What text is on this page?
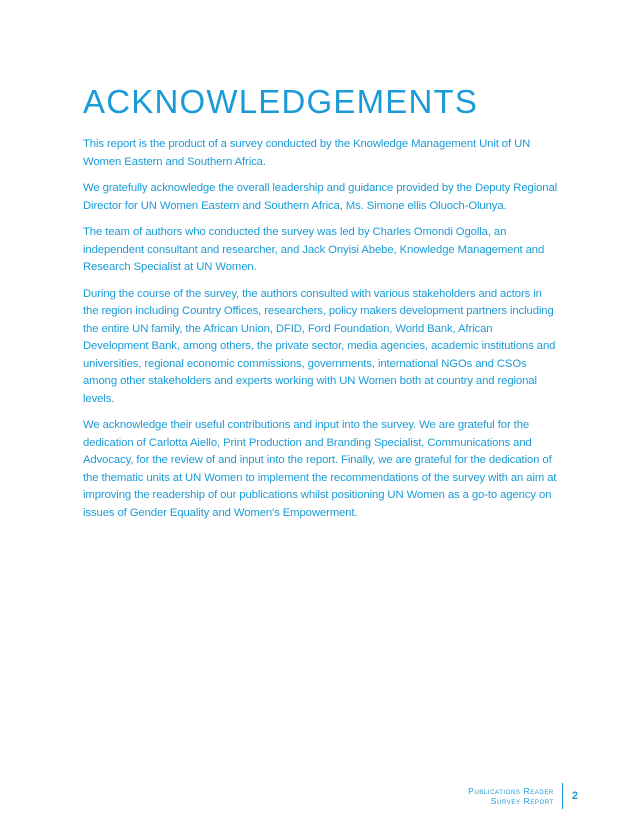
ACKNOWLEDGEMENTS

This report is the product of a survey conducted by the Knowledge Management Unit of UN Women Eastern and Southern Africa.

We gratefully acknowledge the overall leadership and guidance provided by the Deputy Regional Director for UN Women Eastern and Southern Africa, Ms. Simone ellis Oluoch-Olunya.

The team of authors who conducted the survey was led by Charles Omondi Ogolla, an independent consultant and researcher, and Jack Onyisi Abebe, Knowledge Management and Research Specialist at UN Women.

During the course of the survey, the authors consulted with various stakeholders and actors in the region including Country Offices, researchers, policy makers development partners including the entire UN family, the African Union, DFID, Ford Foundation, World Bank, African Development Bank, among others, the private sector, media agencies, academic institutions and universities, regional economic commissions, governments, international NGOs and CSOs among other stakeholders and experts working with UN Women both at country and regional levels.

We acknowledge their useful contributions and input into the survey. We are grateful for the dedication of Carlotta Aiello, Print Production and Branding Specialist, Communications and Advocacy, for the review of and input into the report. Finally, we are grateful for the dedication of the thematic units at UN Women to implement the recommendations of the survey with an aim at improving the readership of our publications whilst positioning UN Women as a go-to agency on issues of Gender Equality and Women's Empowerment.

Publications Reader
Survey Report	2
